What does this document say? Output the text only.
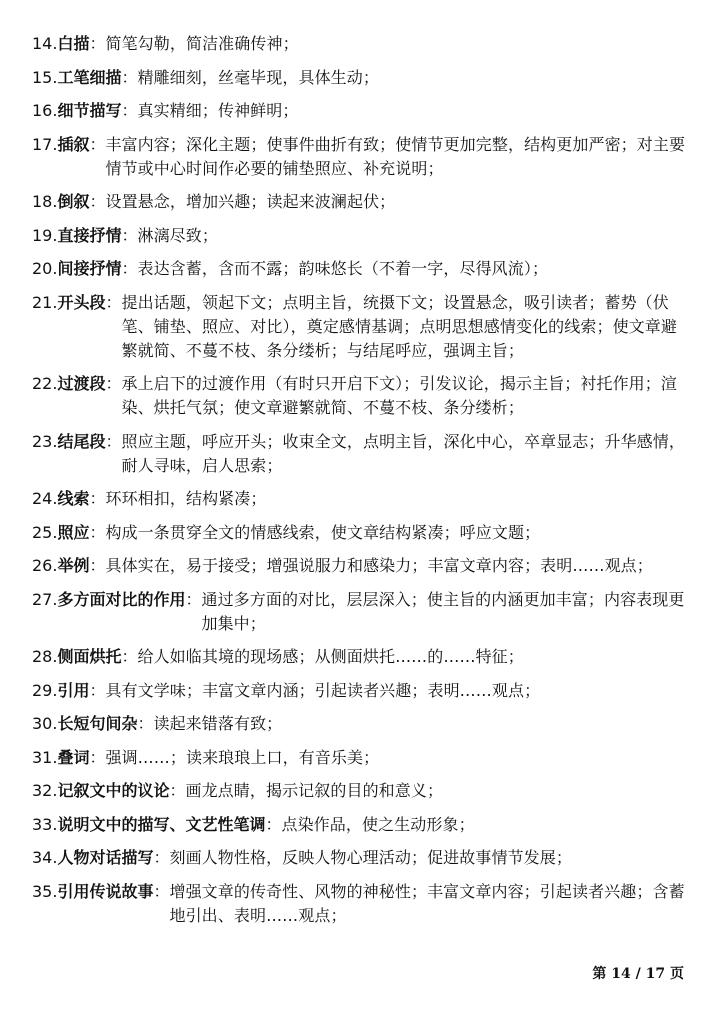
14. 白描 ： 简笔勾勒，简洁准确传神；
15. 工笔细描 ： 精雕细刻，丝毫毕现，具体生动；
16. 细节描写 ： 真实精细；传神鲜明；
17. 插叙 ： 丰富内容；深化主题；使事件曲折有致；使情节更加完整，结构更加严密；对主要情节或中心时间作必要的铺垫照应、补充说明；
18. 倒叙 ： 设置悬念，增加兴趣；读起来波澜起伏；
19. 直接抒情 ： 淋漓尽致；
20. 间接抒情 ： 表达含蓄，含而不露；韵味悠长（不着一字，尽得风流）；
21. 开头段 ： 提出话题，领起下文；点明主旨，统摄下文；设置悬念，吸引读者；蓄势（伏笔、铺垫、照应、对比），奠定感情基调；点明思想感情变化的线索；使文章避繁就简、不蔓不枝、条分缕析；与结尾呼应，强调主旨；
22. 过渡段 ： 承上启下的过渡作用（有时只开启下文）；引发议论，揭示主旨；衬托作用；渲染、烘托气氛；使文章避繁就简、不蔓不枝、条分缕析；
23. 结尾段 ： 照应主题，呼应开头；收束全文，点明主旨，深化中心，卒章显志；升华感情，耐人寻味，启人思索；
24. 线索 ： 环环相扣，结构紧凑；
25. 照应 ： 构成一条贯穿全文的情感线索，使文章结构紧凑；呼应文题；
26. 举例 ： 具体实在，易于接受；增强说服力和感染力；丰富文章内容；表明……观点；
27. 多方面对比的作用 ： 通过多方面的对比，层层深入；使主旨的内涵更加丰富；内容表现更加集中；
28. 侧面烘托 ： 给人如临其境的现场感；从侧面烘托……的……特征；
29. 引用 ： 具有文学味；丰富文章内涵；引起读者兴趣；表明……观点；
30. 长短句间杂 ： 读起来错落有致；
31. 叠词 ： 强调……；读来琅琅上口，有音乐美；
32. 记叙文中的议论 ： 画龙点睛，揭示记叙的目的和意义；
33. 说明文中的描写、文艺性笔调 ： 点染作品，使之生动形象；
34. 人物对话描写 ： 刻画人物性格，反映人物心理活动；促进故事情节发展；
35. 引用传说故事 ： 增强文章的传奇性、风物的神秘性；丰富文章内容；引起读者兴趣；含蓄地引出、表明……观点；
第 14 / 17 页
